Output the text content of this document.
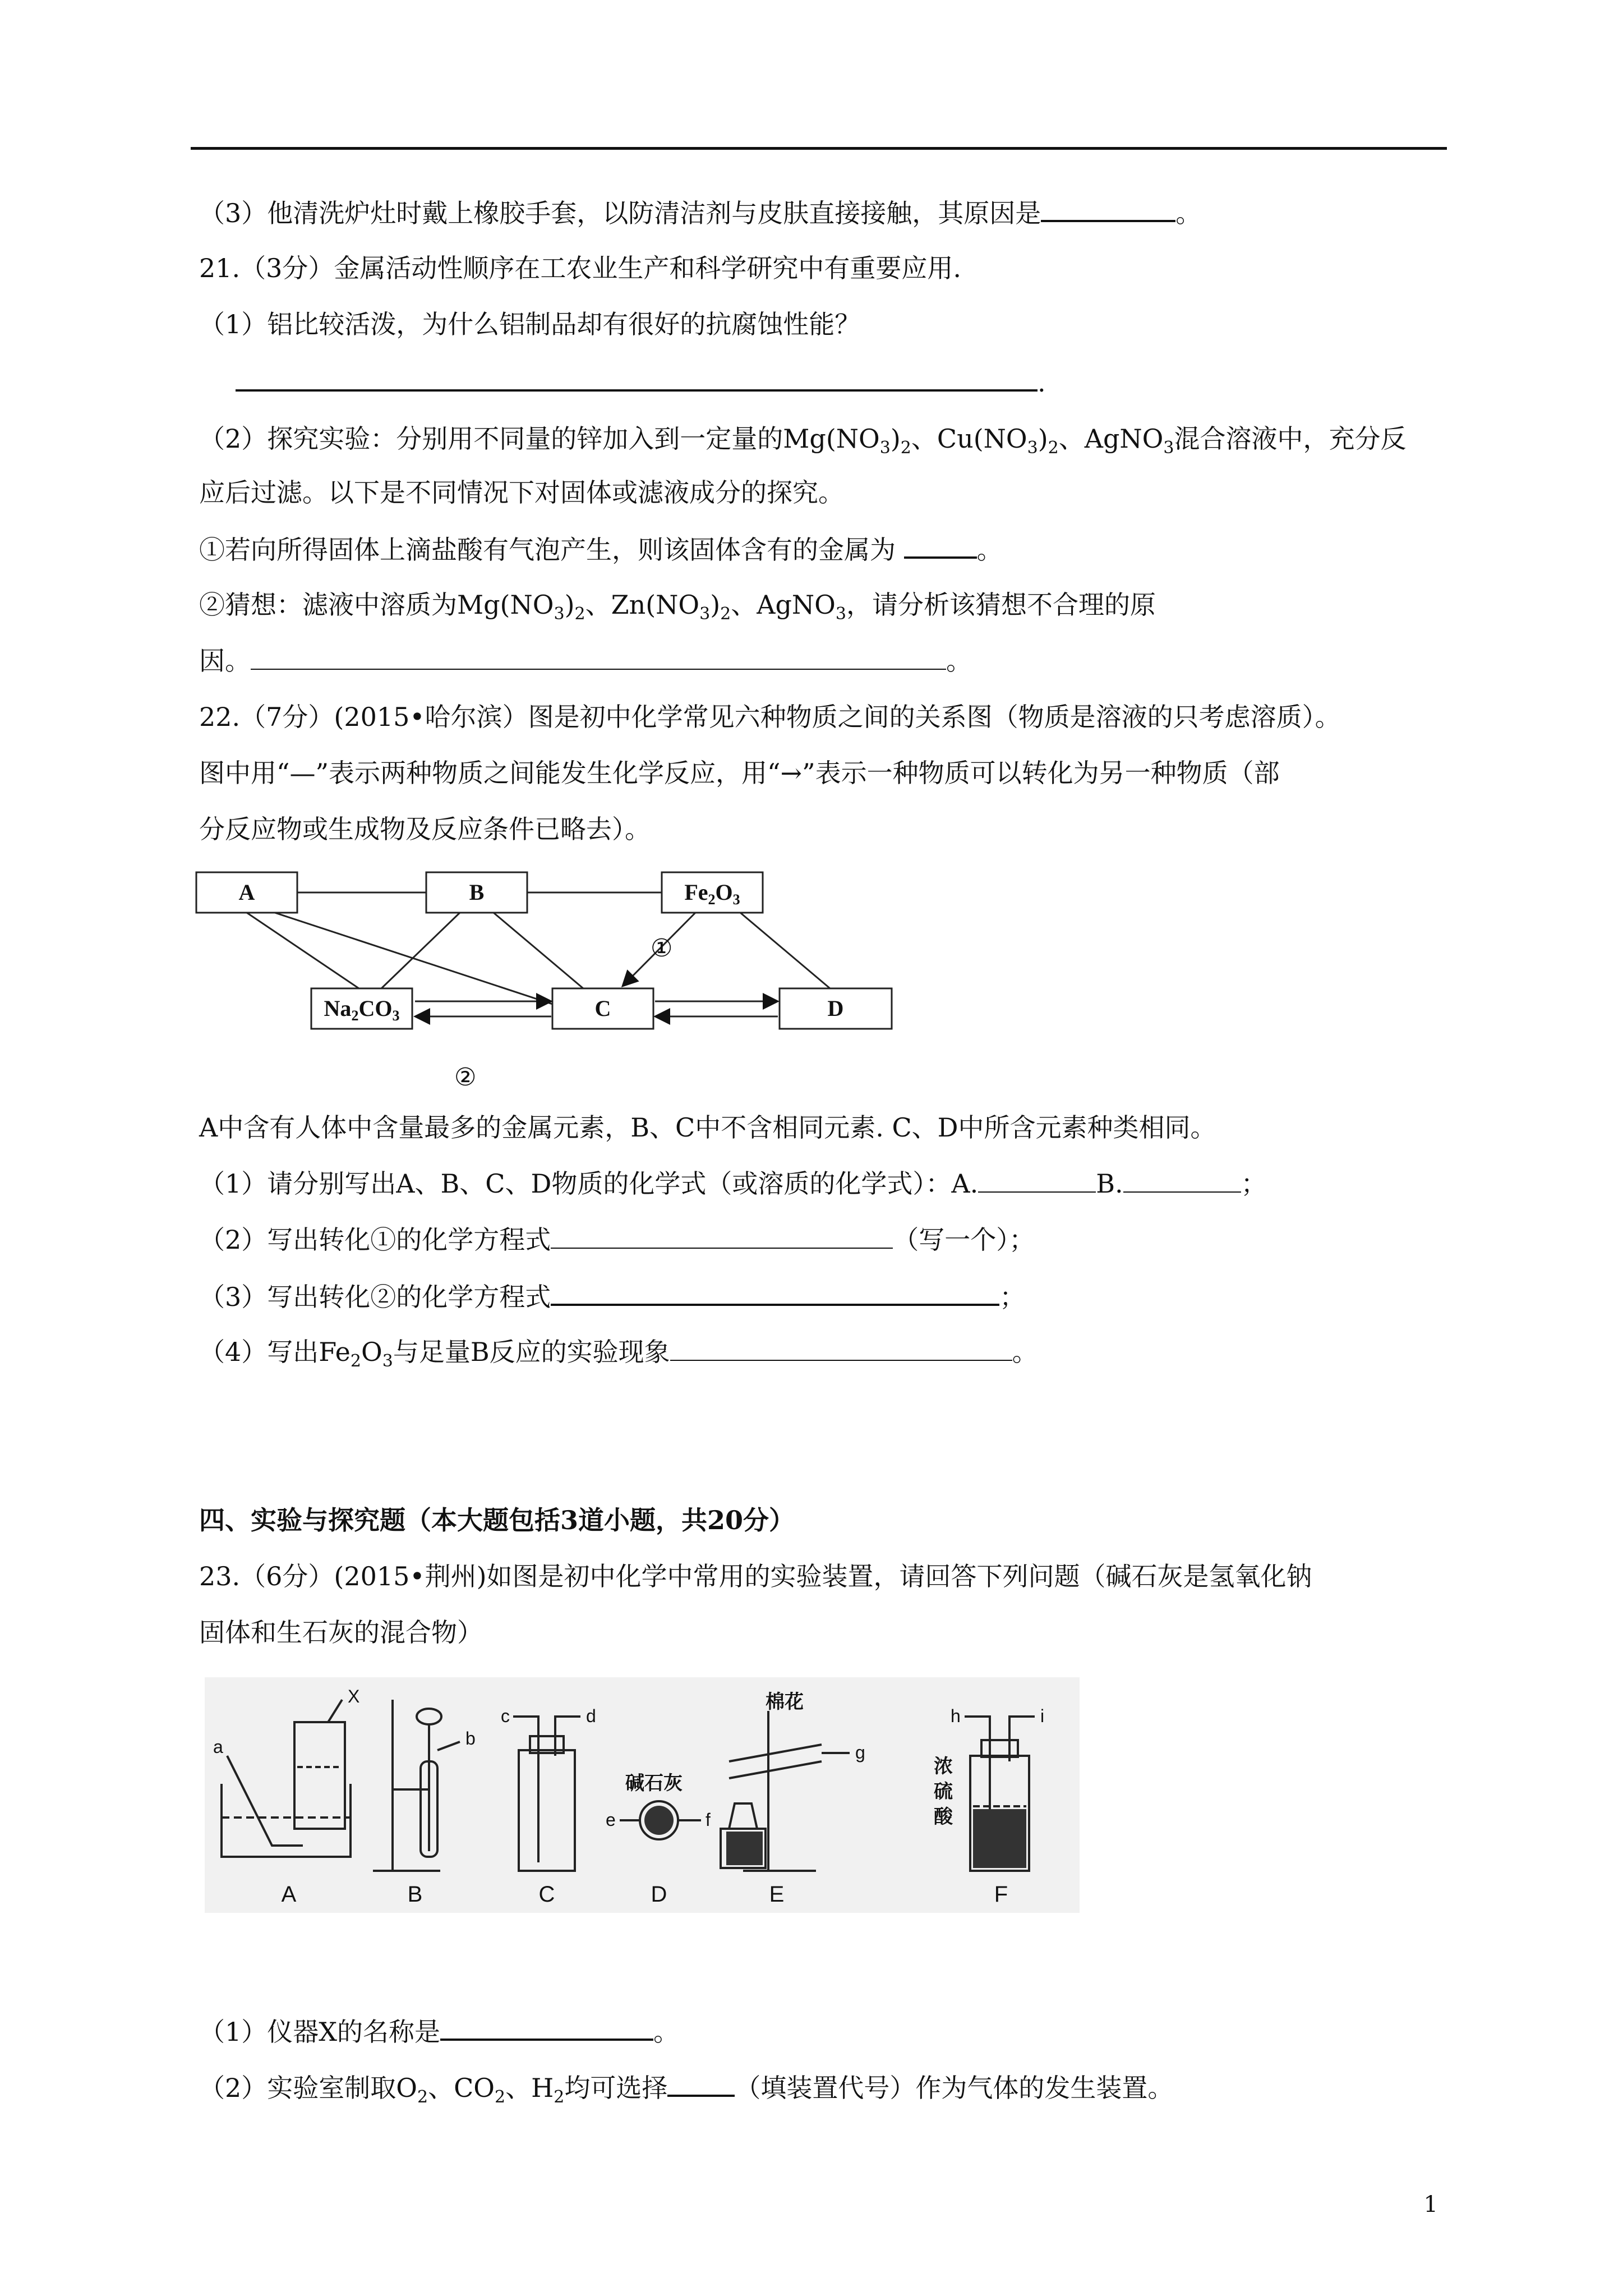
（3）他清洗炉灶时戴上橡胶手套，以防清洁剂与皮肤直接接触，其原因是	。
21.（3分）金属活动性顺序在工农业生产和科学研究中有重要应用.
（1）铝比较活泼，为什么铝制品却有很好的抗腐蚀性能？
.
（2）探究实验：分别用不同量的锌加入到一定量的$Mg(NO_3)_2$、$Cu(NO_3)_2$、AgNO$_3$混合溶液中，充分反
应后过滤。以下是不同情况下对固体或滤液成分的探究。
①若向所得固体上滴盐酸有气泡产生，则该固体含有的金属为	。
②猜想：滤液中溶质为$Mg(NO_3)_2$、$Zn(NO_3)_2$、AgNO$_3$，请分析该猜想不合理的原
因。	。
22.（7分）(2015•哈尔滨）图是初中化学常见六种物质之间的关系图（物质是溶液的只考虑溶质）。
图中用“—”表示两种物质之间能发生化学反应，用“→”表示一种物质可以转化为另一种物质（部
分反应物或生成物及反应条件已略去）。
A	B	$Fe_2O_3$
$Na_2CO_3$	C	D
①
②
A中含有人体中含量最多的金属元素，B、C中不含相同元素. C、D中所含元素种类相同。
（1）请分别写出A、B、C、D物质的化学式（或溶质的化学式）：A.	B.	；
（2）写出转化①的化学方程式	（写一个）；
（3）写出转化②的化学方程式	；
（4）写出$Fe_2O_3$与足量B反应的实验现象	。
四、实验与探究题（本大题包括3道小题，共20分）
23.（6分）(2015•荆州)如图是初中化学中常用的实验装置，请回答下列问题（碱石灰是氢氧化钠
固体和生石灰的混合物）
A	B	C	D	E	F
X
a	b
c	d
e	f
g
h	i
碱石灰
棉花
浓
硫
酸
（1）仪器X的名称是	。
（2）实验室制取$O_2$、$CO_2$、$H_2$均可选择	（填装置代号）作为气体的发生装置。
1
